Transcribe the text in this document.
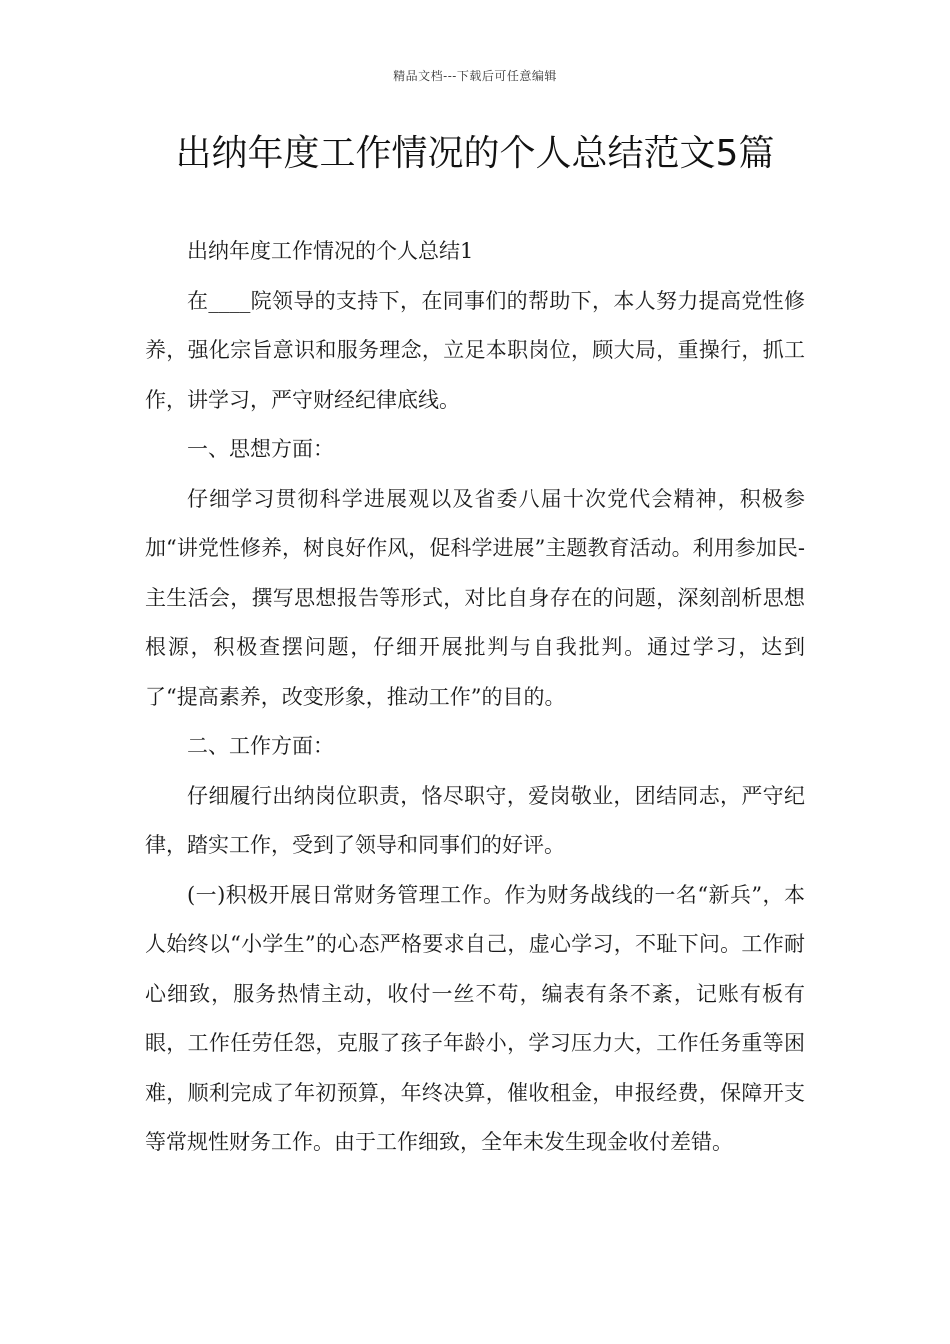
精品文档---下载后可任意编辑
出纳年度工作情况的个人总结范文5篇

出纳年度工作情况的个人总结1

在____院领导的支持下，在同事们的帮助下，本人努力提高党性修养，强化宗旨意识和服务理念，立足本职岗位，顾大局，重操行，抓工作，讲学习，严守财经纪律底线。

一、思想方面：

仔细学习贯彻科学进展观以及省委八届十次党代会精神，积极参加“讲党性修养，树良好作风，促科学进展”主题教育活动。利用参加民-主生活会，撰写思想报告等形式，对比自身存在的问题，深刻剖析思想根源，积极查摆问题，仔细开展批判与自我批判。通过学习，达到了“提高素养，改变形象，推动工作”的目的。

二、工作方面：

仔细履行出纳岗位职责，恪尽职守，爱岗敬业，团结同志，严守纪律，踏实工作，受到了领导和同事们的好评。

(一)积极开展日常财务管理工作。作为财务战线的一名“新兵”，本人始终以“小学生”的心态严格要求自己，虚心学习，不耻下问。工作耐心细致，服务热情主动，收付一丝不苟，编表有条不紊，记账有板有眼，工作任劳任怨，克服了孩子年龄小，学习压力大，工作任务重等困难，顺利完成了年初预算，年终决算，催收租金，申报经费，保障开支等常规性财务工作。由于工作细致，全年未发生现金收付差错。
